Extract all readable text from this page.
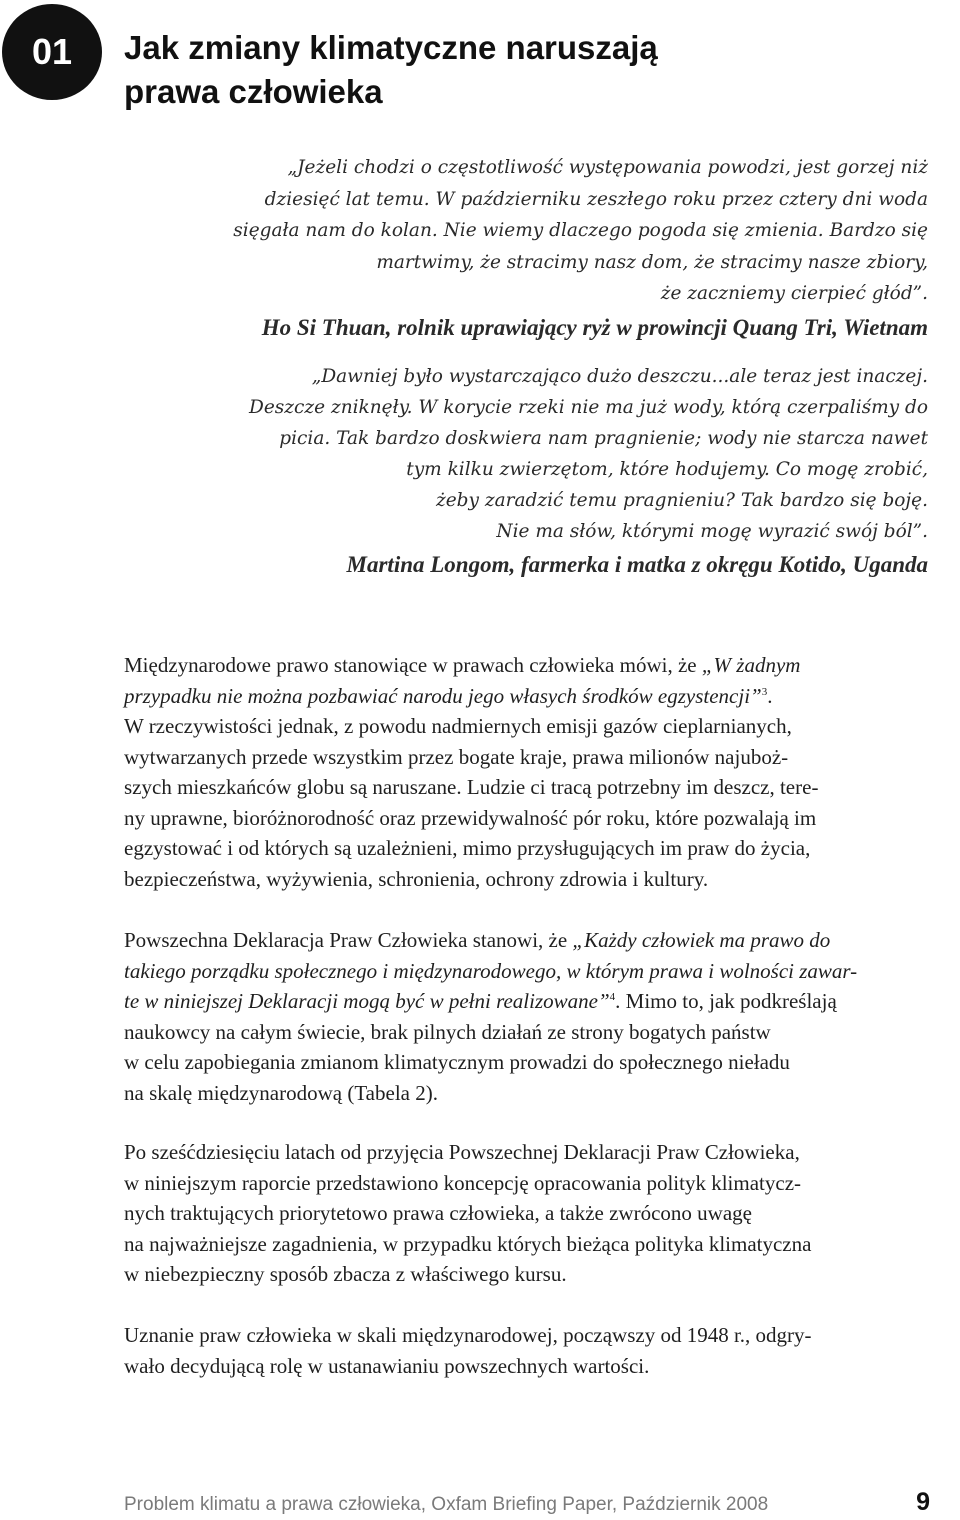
01	Jak zmiany klimatyczne naruszają
prawa człowieka
„Jeżeli chodzi o częstotliwość występowania powodzi, jest gorzej niż
dziesięć lat temu. W październiku zeszłego roku przez cztery dni woda
sięgała nam do kolan. Nie wiemy dlaczego pogoda się zmienia. Bardzo się
martwimy, że stracimy nasz dom, że stracimy nasze zbiory,
że zaczniemy cierpieć głód”.
Ho Si Thuan, rolnik uprawiający ryż w prowincji Quang Tri, Wietnam
„Dawniej było wystarczająco dużo deszczu...ale teraz jest inaczej.
Deszcze zniknęły. W korycie rzeki nie ma już wody, którą czerpaliśmy do
picia. Tak bardzo doskwiera nam pragnienie; wody nie starcza nawet
tym kilku zwierzętom, które hodujemy. Co mogę zrobić,
żeby zaradzić temu pragnieniu? Tak bardzo się boję.
Nie ma słów, którymi mogę wyrazić swój ból”.
Martina Longom, farmerka i matka z okręgu Kotido, Uganda
Międzynarodowe prawo stanowiące w prawach człowieka mówi, że „W żadnym
przypadku nie można pozbawiać narodu jego własych środków egzystencji”$^3$.
W rzeczywistości jednak, z powodu nadmiernych emisji gazów cieplarnianych,
wytwarzanych przede wszystkim przez bogate kraje, prawa milionów najuboż-
szych mieszkańców globu są naruszane. Ludzie ci tracą potrzebny im deszcz, tere-
ny uprawne, bioróżnorodność oraz przewidywalność pór roku, które pozwalają im
egzystować i od których są uzależnieni, mimo przysługujących im praw do życia,
bezpieczeństwa, wyżywienia, schronienia, ochrony zdrowia i kultury.
Powszechna Deklaracja Praw Człowieka stanowi, że „Każdy człowiek ma prawo do
takiego porządku społecznego i międzynarodowego, w którym prawa i wolności zawar-
te w niniejszej Deklaracji mogą być w pełni realizowane”$^4$. Mimo to, jak podkreślają
naukowcy na całym świecie, brak pilnych działań ze strony bogatych państw
w celu zapobiegania zmianom klimatycznym prowadzi do społecznego nieładu
na skalę międzynarodową (Tabela 2).
Po sześćdziesięciu latach od przyjęcia Powszechnej Deklaracji Praw Człowieka,
w niniejszym raporcie przedstawiono koncepcję opracowania polityk klimatycz-
nych traktujących priorytetowo prawa człowieka, a także zwrócono uwagę
na najważniejsze zagadnienia, w przypadku których bieżąca polityka klimatyczna
w niebezpieczny sposób zbacza z właściwego kursu.
Uznanie praw człowieka w skali międzynarodowej, począwszy od 1948 r., odgry-
wało decydującą rolę w ustanawianiu powszechnych wartości.
Problem klimatu a prawa człowieka, Oxfam Briefing Paper, Październik 2008	9
